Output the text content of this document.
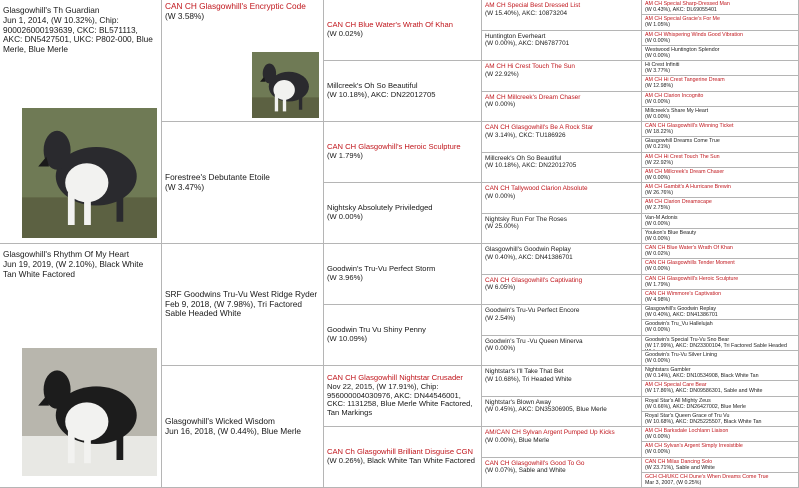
Glasgowhill's Th Guardian
Jun 1, 2014, (W 10.32%), Chip: 900026000193639, CKC: BL571113, AKC: DN5427501, UKC: P802-000, Blue Merle, Blue Merle
Glasgowhill's Rhythm Of My Heart
Jun 19, 2019, (W 2.10%), Black White Tan White Factored
CAN CH Glasgowhill's Encryptic Code
(W 3.58%)
Forestree's Debutante Etoile
(W 3.47%)
SRF Goodwins Tru-Vu West Ridge Ryder
Feb 9, 2018, (W 7.98%), Tri Factored Sable Headed White
Glasgowhill's Wicked Wisdom
Jun 16, 2018, (W 0.44%), Blue Merle
CAN CH Blue Water's Wrath Of Khan
(W 0.02%)
Millcreek's Oh So Beautiful
(W 10.18%), AKC: DN22012705
CAN CH Glasgowhill's Heroic Sculpture
(W 1.79%)
Nightsky Absolutely Priviledged
(W 0.00%)
Goodwin's Tru-Vu Perfect Storm
(W 3.96%)
Goodwin Tru Vu Shiny Penny
(W 10.09%)
CAN CH Glasgowhill Nightstar Crusader
Nov 22, 2015, (W 17.91%), Chip: 956000004030976, AKC: DN44546001, CKC: 1131258, Blue Merle White Factored, Tan Markings
CAN Ch Glasgowhill Brilliant Disguise CGN
(W 0.26%), Black White Tan White Factored
AM CH Special Best Dressed List
(W 15.40%), AKC: 10873204
Huntington Everheart
(W 0.00%), AKC: DN6787701
AM CH Hi Crest Touch The Sun
(W 22.92%)
AM CH Millcreek's Dream Chaser
(W 0.00%)
CAN CH Glasgowhill's Be A Rock Star
(W 3.14%), CKC: TU186926
Millcreek's Oh So Beautiful
(W 10.18%), AKC: DN22012705
CAN CH Tallywood Clarion Absolute
(W 0.00%)
Nightsky Run For The Roses
(W 25.00%)
Glasgowhill's Goodwin Replay
(W 0.40%), AKC: DN41386701
CAN CH Glasgowhill's Captivating
(W 6.05%)
Goodwin's Tru-Vu Perfect Encore
(W 2.54%)
Goodwin's Tru -Vu Queen Minerva
(W 0.00%)
Nightstar's I'll Take That Bet
(W 10.68%), Tri Headed White
Nightstar's Blown Away
(W 0.45%), AKC: DN35306905, Blue Merle
AM/CAN CH Sylvan Argent Pumped Up Kicks
(W 0.00%), Blue Merle
CAN CH Glasgowhill's Good To Go
(W 0.07%), Sable and White
AM CH Special Sharp-Dressed Man
(W 0.43%), AKC: DL69055401
AM CH Special Gracie's For Me
(W 1.05%)
AM CH Whispering Winds Good Vibration
(W 0.00%)
Westwood Huntington Splendor
(W 0.00%)
Hi Crest Infiniti
(W 3.77%)
AM CH Hi Crest Tangerine Dream
(W 12.98%)
AM CH Clarion Incognito
(W 0.00%)
Millcreek's Share My Heart
(W 0.00%)
CAN CH Glasgowhill's Winning Ticket
(W 18.22%)
Glasgowhill Dreams Come True
(W 0.21%)
AM CH Hi Crest Touch The Sun
(W 22.92%)
AM CH Millcreek's Dream Chaser
(W 0.00%)
AM CH Gambit's A Hurricane Brewin
(W 26.76%)
AM CH Clarion Dreamscape
(W 2.75%)
Van-M Adonis
(W 0.00%)
Youkon's Blue Beauty
(W 0.00%)
CAN CH Blue Water's Wrath Of Khan
(W 0.02%)
CAN CH Glasgowhills Tender Moment
(W 0.00%)
CAN CH Glasgowhill's Heroic Sculpture
(W 1.79%)
CAN CH Wimmore's Captivation
(W 4.98%)
Glasgowhill's Goodwin Replay
(W 0.40%), AKC: DN41386701
Goodwin's Tru_Vu Hallelujah
(W 0.00%)
Goodwin's Special Tru-Vu Sno Bear
(W 17.99%), AKC: DN23300104, Tri Factored Sable Headed
Goodwin's Tru-Vu Silver Lining
(W 0.00%)
Nightstars Gambler
(W 0.14%), AKC: DN10534908, Black White Tan
AM CH Special Care Bear
(W 17.86%), AKC: DN09586301, Sable and White
Royal Star's All Mighty Zeus
(W 0.66%), AKC: DN26427002, Blue Merle
Royal Star's Queen Grace of Tru Vu
(W 10.68%), AKC: DN25225507, Black White Tan
AM CH Barksdale Lochlann Liaison
(W 0.00%)
AM CH Sylvan's Argent Simply Irresistible
(W 0.00%)
CAN CH Milas Dancing Solo
(W 23.71%), Sable and White
GCH CH/UKC CH Dune's When Dreams Come True
Mar 3, 2007, (W 0.25%)
